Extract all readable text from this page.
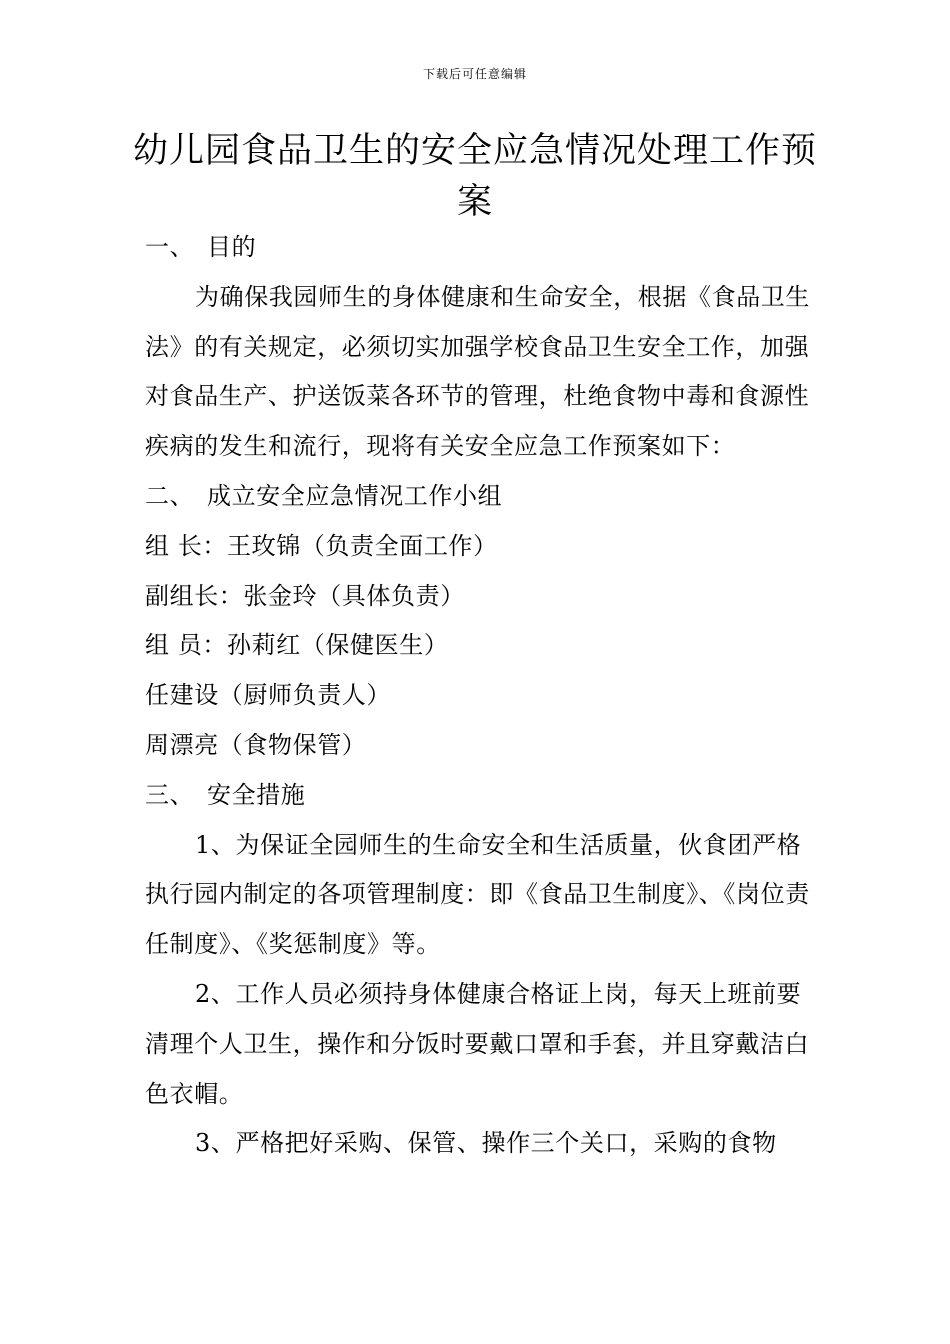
下载后可任意编辑
幼儿园食品卫生的安全应急情况处理工作预案

一、 目的

为确保我园师生的身体健康和生命安全，根据《食品卫生法》的有关规定，必须切实加强学校食品卫生安全工作，加强对食品生产、护送饭菜各环节的管理，杜绝食物中毒和食源性疾病的发生和流行，现将有关安全应急工作预案如下：

二、 成立安全应急情况工作小组

组 长：王玫锦（负责全面工作）

副组长：张金玲（具体负责）

组 员：孙莉红（保健医生）

任建设（厨师负责人）

周漂亮（食物保管）

三、 安全措施

1、为保证全园师生的生命安全和生活质量，伙食团严格执行园内制定的各项管理制度：即《食品卫生制度》、《岗位责任制度》、《奖惩制度》等。

2、工作人员必须持身体健康合格证上岗，每天上班前要清理个人卫生，操作和分饭时要戴口罩和手套，并且穿戴洁白色衣帽。

3、严格把好采购、保管、操作三个关口，采购的食物
